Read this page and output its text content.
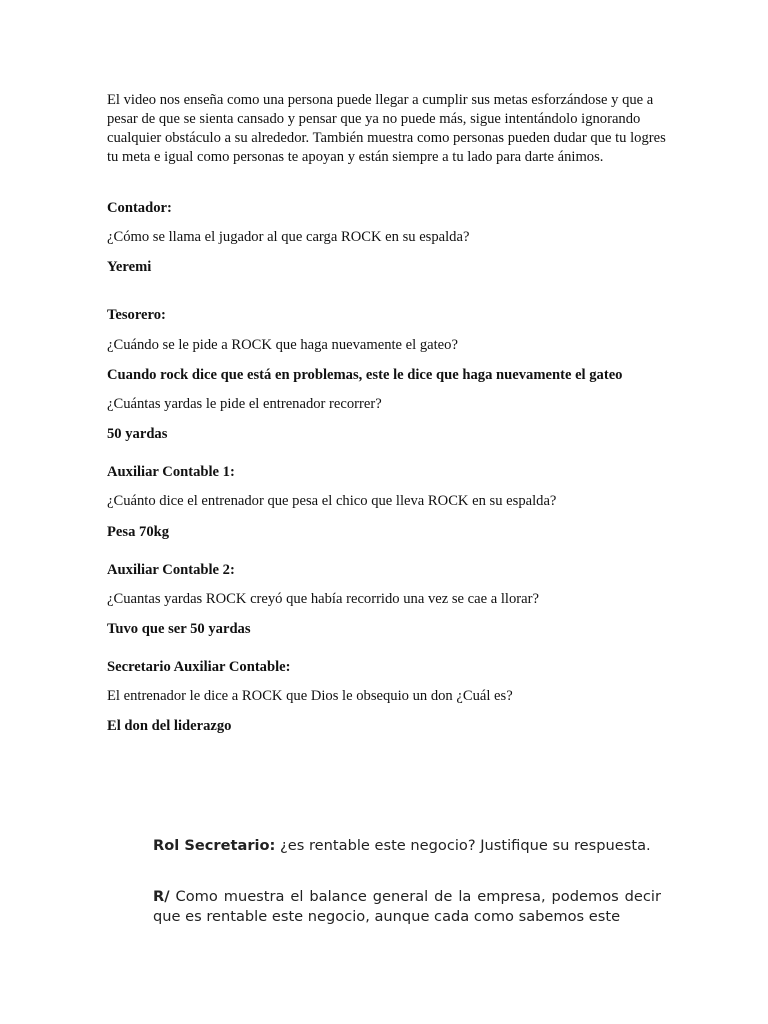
El video nos enseña como una persona puede llegar a cumplir sus metas esforzándose y que a pesar de que se sienta cansado y pensar que ya no puede más, sigue intentándolo ignorando cualquier obstáculo a su alrededor. También muestra como personas pueden dudar que tu logres tu meta e igual como personas te apoyan y están siempre a tu lado para darte ánimos.

Contador:

¿Cómo se llama el jugador al que carga ROCK en su espalda?

Yeremi

Tesorero:

¿Cuándo se le pide a ROCK que haga nuevamente el gateo?

Cuando rock dice que está en problemas, este le dice que haga nuevamente el gateo

¿Cuántas yardas le pide el entrenador recorrer?

50 yardas

Auxiliar Contable 1:

¿Cuánto dice el entrenador que pesa el chico que lleva ROCK en su espalda?

Pesa 70kg

Auxiliar Contable 2:

¿Cuantas yardas ROCK creyó que había recorrido una vez se cae a llorar?

Tuvo que ser 50 yardas

Secretario Auxiliar Contable:

El entrenador le dice a ROCK que Dios le obsequio un don ¿Cuál es?

El don del liderazgo

Rol Secretario: ¿es rentable este negocio? Justifique su respuesta.

R/ Como muestra el balance general de la empresa, podemos decir que es rentable este negocio, aunque cada como sabemos este
